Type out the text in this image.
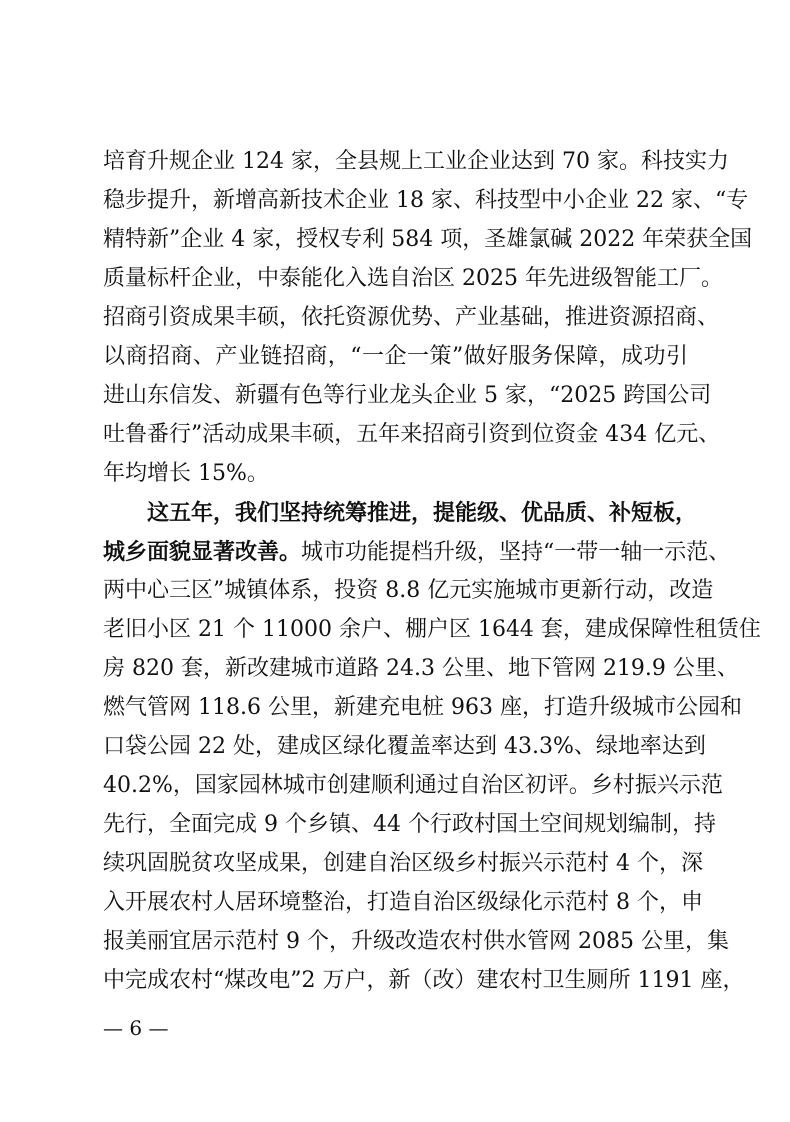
培育升规企业 124 家，全县规上工业企业达到 70 家。科技实力
稳步提升，新增高新技术企业 18 家、科技型中小企业 22 家、“专
精特新”企业 4 家，授权专利 584 项，圣雄氯碱 2022 年荣获全国
质量标杆企业，中泰能化入选自治区 2025 年先进级智能工厂。
招商引资成果丰硕，依托资源优势、产业基础，推进资源招商、
以商招商、产业链招商，“一企一策”做好服务保障，成功引
进山东信发、新疆有色等行业龙头企业 5 家，“2025 跨国公司
吐鲁番行”活动成果丰硕，五年来招商引资到位资金 434 亿元、
年均增长 15%。
这五年，我们坚持统筹推进，提能级、优品质、补短板，
城乡面貌显著改善。城市功能提档升级，坚持“一带一轴一示范、
两中心三区”城镇体系，投资 8.8 亿元实施城市更新行动，改造
老旧小区 21 个 11000 余户、棚户区 1644 套，建成保障性租赁住
房 820 套，新改建城市道路 24.3 公里、地下管网 219.9 公里、
燃气管网 118.6 公里，新建充电桩 963 座，打造升级城市公园和
口袋公园 22 处，建成区绿化覆盖率达到 43.3%、绿地率达到
40.2%，国家园林城市创建顺利通过自治区初评。乡村振兴示范
先行，全面完成 9 个乡镇、44 个行政村国土空间规划编制，持
续巩固脱贫攻坚成果，创建自治区级乡村振兴示范村 4 个，深
入开展农村人居环境整治，打造自治区级绿化示范村 8 个，申
报美丽宜居示范村 9 个，升级改造农村供水管网 2085 公里，集
中完成农村“煤改电”2 万户，新（改）建农村卫生厕所 1191 座，
— 6 —
